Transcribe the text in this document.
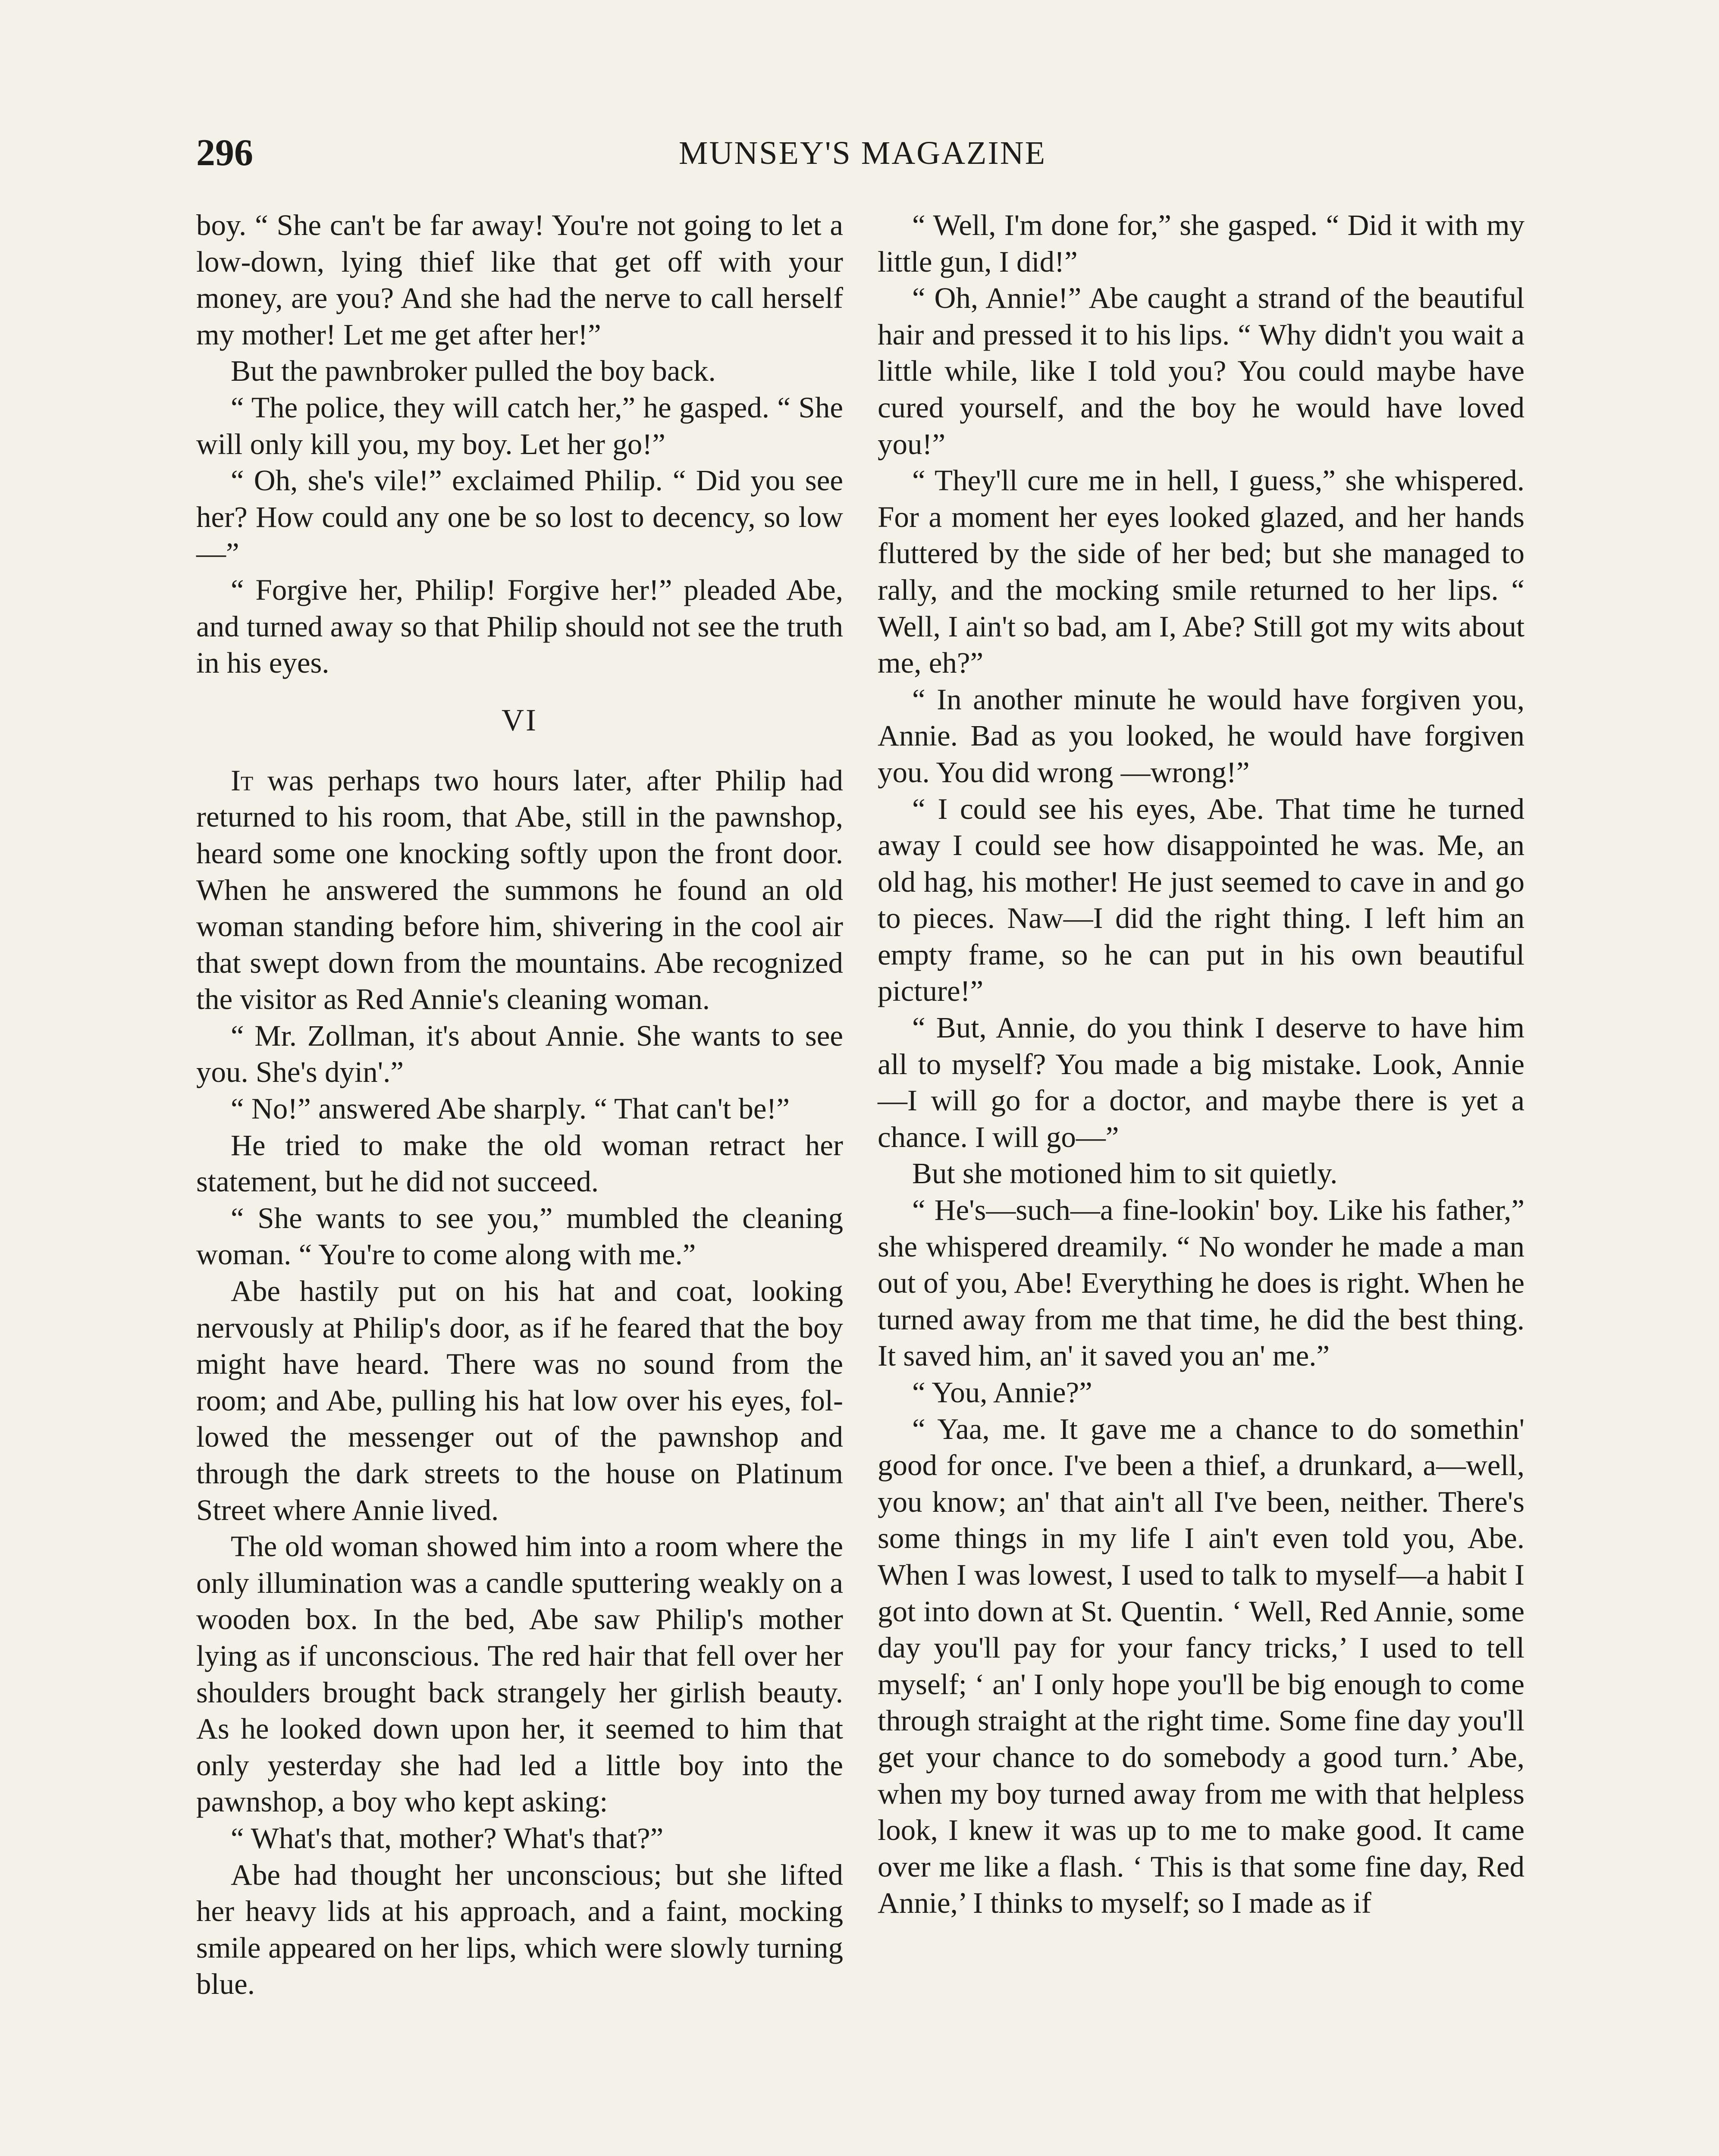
296	MUNSEY'S MAGAZINE

boy. “ She can't be far away! You're not going to let a low-down, lying thief like that get off with your money, are you? And she had the nerve to call herself my mother! Let me get after her!”

But the pawnbroker pulled the boy back.

“ The police, they will catch her,” he gasped. “ She will only kill you, my boy. Let her go!”

“ Oh, she's vile!” exclaimed Philip. “ Did you see her? How could any one be so lost to decency, so low—”

“ Forgive her, Philip! Forgive her!” pleaded Abe, and turned away so that Philip should not see the truth in his eyes.

VI

It was perhaps two hours later, after Philip had returned to his room, that Abe, still in the pawnshop, heard some one knocking softly upon the front door. When he answered the summons he found an old woman standing before him, shivering in the cool air that swept down from the mountains. Abe recognized the visitor as Red Annie's cleaning woman.

“ Mr. Zollman, it's about Annie. She wants to see you. She's dyin'.”

“ No!” answered Abe sharply. “ That can't be!”

He tried to make the old woman retract her statement, but he did not succeed.

“ She wants to see you,” mumbled the cleaning woman. “ You're to come along with me.”

Abe hastily put on his hat and coat, looking nervously at Philip's door, as if he feared that the boy might have heard. There was no sound from the room; and Abe, pulling his hat low over his eyes, followed the messenger out of the pawnshop and through the dark streets to the house on Platinum Street where Annie lived.

The old woman showed him into a room where the only illumination was a candle sputtering weakly on a wooden box. In the bed, Abe saw Philip's mother lying as if unconscious. The red hair that fell over her shoulders brought back strangely her girlish beauty. As he looked down upon her, it seemed to him that only yesterday she had led a little boy into the pawnshop, a boy who kept asking:

“ What's that, mother? What's that?”

Abe had thought her unconscious; but she lifted her heavy lids at his approach, and a faint, mocking smile appeared on her lips, which were slowly turning blue.

“ Well, I'm done for,” she gasped. “ Did it with my little gun, I did!”

“ Oh, Annie!” Abe caught a strand of the beautiful hair and pressed it to his lips. “ Why didn't you wait a little while, like I told you? You could maybe have cured yourself, and the boy he would have loved you!”

“ They'll cure me in hell, I guess,” she whispered. For a moment her eyes looked glazed, and her hands fluttered by the side of her bed; but she managed to rally, and the mocking smile returned to her lips. “ Well, I ain't so bad, am I, Abe? Still got my wits about me, eh?”

“ In another minute he would have forgiven you, Annie. Bad as you looked, he would have forgiven you. You did wrong —wrong!”

“ I could see his eyes, Abe. That time he turned away I could see how disappointed he was. Me, an old hag, his mother! He just seemed to cave in and go to pieces. Naw—I did the right thing. I left him an empty frame, so he can put in his own beautiful picture!”

“ But, Annie, do you think I deserve to have him all to myself? You made a big mistake. Look, Annie—I will go for a doctor, and maybe there is yet a chance. I will go—”

But she motioned him to sit quietly.

“ He's—such—a fine-lookin' boy. Like his father,” she whispered dreamily. “ No wonder he made a man out of you, Abe! Everything he does is right. When he turned away from me that time, he did the best thing. It saved him, an' it saved you an' me.”

“ You, Annie?”

“ Yaa, me. It gave me a chance to do somethin' good for once. I've been a thief, a drunkard, a—well, you know; an' that ain't all I've been, neither. There's some things in my life I ain't even told you, Abe. When I was lowest, I used to talk to myself—a habit I got into down at St. Quentin. ‘ Well, Red Annie, some day you'll pay for your fancy tricks,’ I used to tell myself; ‘ an' I only hope you'll be big enough to come through straight at the right time. Some fine day you'll get your chance to do somebody a good turn.’ Abe, when my boy turned away from me with that helpless look, I knew it was up to me to make good. It came over me like a flash. ‘ This is that some fine day, Red Annie,’ I thinks to myself; so I made as if
